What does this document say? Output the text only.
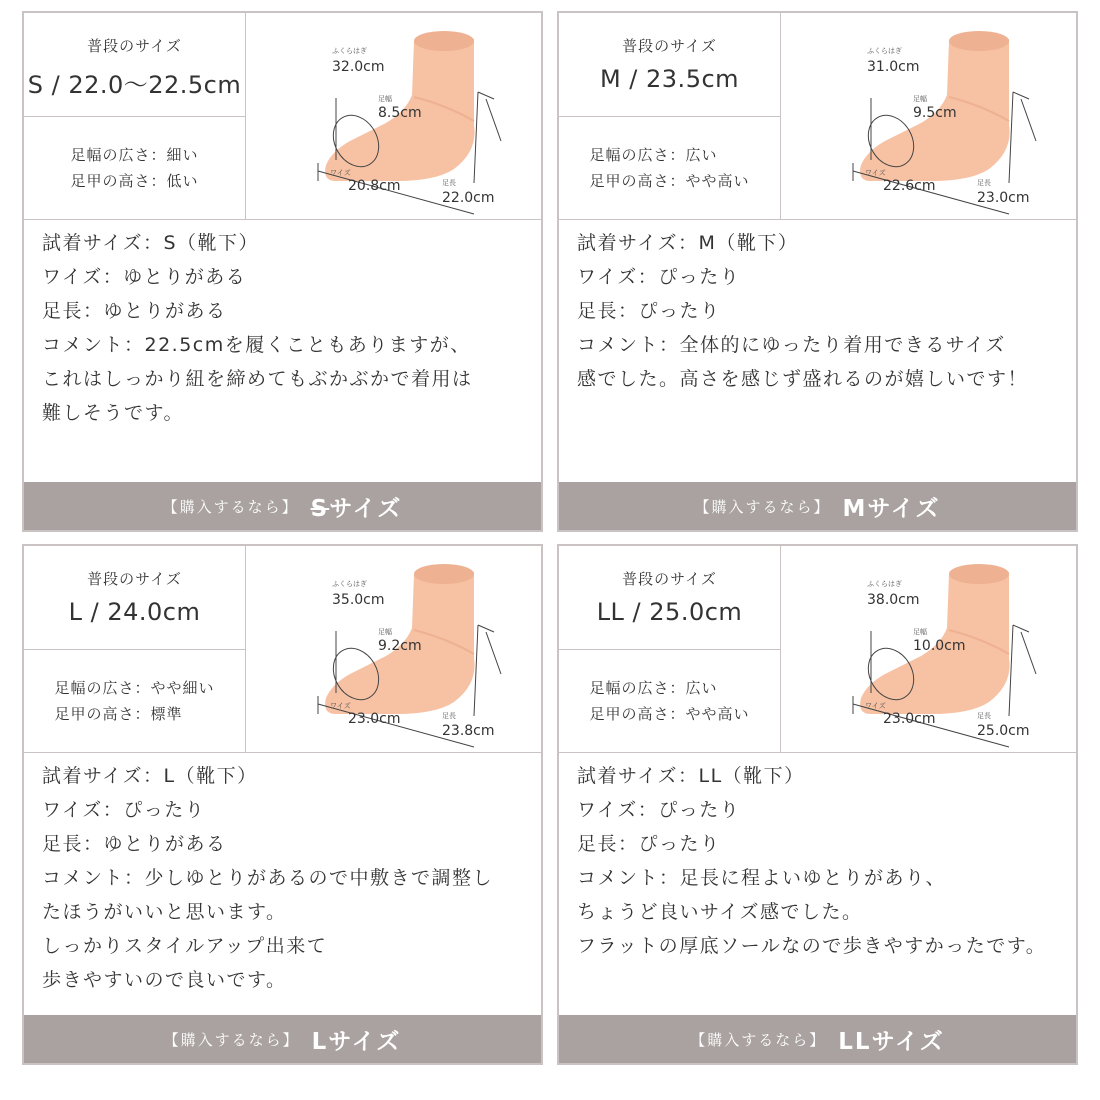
普段のサイズ
S / 22.0〜22.5cm
足幅の広さ：細い
足甲の高さ：低い
ふくらはぎ
32.0cm
足幅
8.5cm
ワイズ
20.8cm	足長
22.0cm
試着サイズ：S（靴下）
ワイズ：ゆとりがある
足長：ゆとりがある
コメント：22.5cmを履くこともありますが、
これはしっかり紐を締めてもぶかぶかで着用は
難しそうです。
【購入するなら】 Sサイズ
普段のサイズ
M / 23.5cm
足幅の広さ：広い
足甲の高さ：やや高い
ふくらはぎ
31.0cm
足幅
9.5cm
ワイズ
22.6cm	足長
23.0cm
試着サイズ：M（靴下）
ワイズ：ぴったり
足長：ぴったり
コメント：全体的にゆったり着用できるサイズ
感でした。高さを感じず盛れるのが嬉しいです！
【購入するなら】 Mサイズ
普段のサイズ
L / 24.0cm
足幅の広さ：やや細い
足甲の高さ：標準
ふくらはぎ
35.0cm
足幅
9.2cm
ワイズ
23.0cm	足長
23.8cm
試着サイズ：L（靴下）
ワイズ：ぴったり
足長：ゆとりがある
コメント：少しゆとりがあるので中敷きで調整し
たほうがいいと思います。
しっかりスタイルアップ出来て
歩きやすいので良いです。
【購入するなら】 Lサイズ
普段のサイズ
LL / 25.0cm
足幅の広さ：広い
足甲の高さ：やや高い
ふくらはぎ
38.0cm
足幅
10.0cm
ワイズ
23.0cm	足長
25.0cm
試着サイズ：LL（靴下）
ワイズ：ぴったり
足長：ぴったり
コメント：足長に程よいゆとりがあり、
ちょうど良いサイズ感でした。
フラットの厚底ソールなので歩きやすかったです。
【購入するなら】 LLサイズ
